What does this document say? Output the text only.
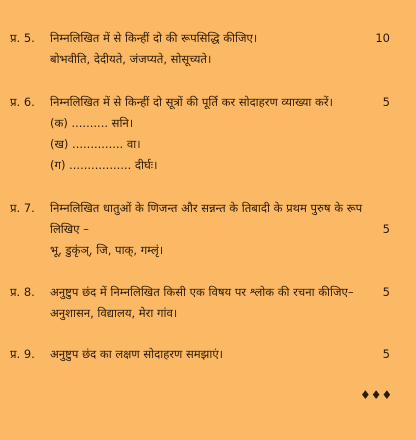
प्र. 5. निम्नलिखित में से किन्हीं दो की रूपसिद्धि कीजिए।
बोभवीति, देदीयते, जंजप्यते, सोसूच्यते।
10
प्र. 6. निम्नलिखित में से किन्हीं दो सूत्रों की पूर्ति कर सोदाहरण व्याख्या करें।
(क) .......... सनि।
(ख) .............. वा।
(ग) ................. दीर्घः।
5
प्र. 7. निम्नलिखित धातुओं के णिजन्त और सन्नन्त के तिबादी के प्रथम पुरुष के रूप
लिखिए –
भू, डुकृंञ्, जि, पाक्, गम्लृं।
5
प्र. 8. अनुष्टुप छंद में निम्नलिखित किसी एक विषय पर श्लोक की रचना कीजिए–
अनुशासन, विद्यालय, मेरा गांव।
5
प्र. 9. अनुष्टुप छंद का लक्षण सोदाहरण समझाएं।	5
♦♦♦
